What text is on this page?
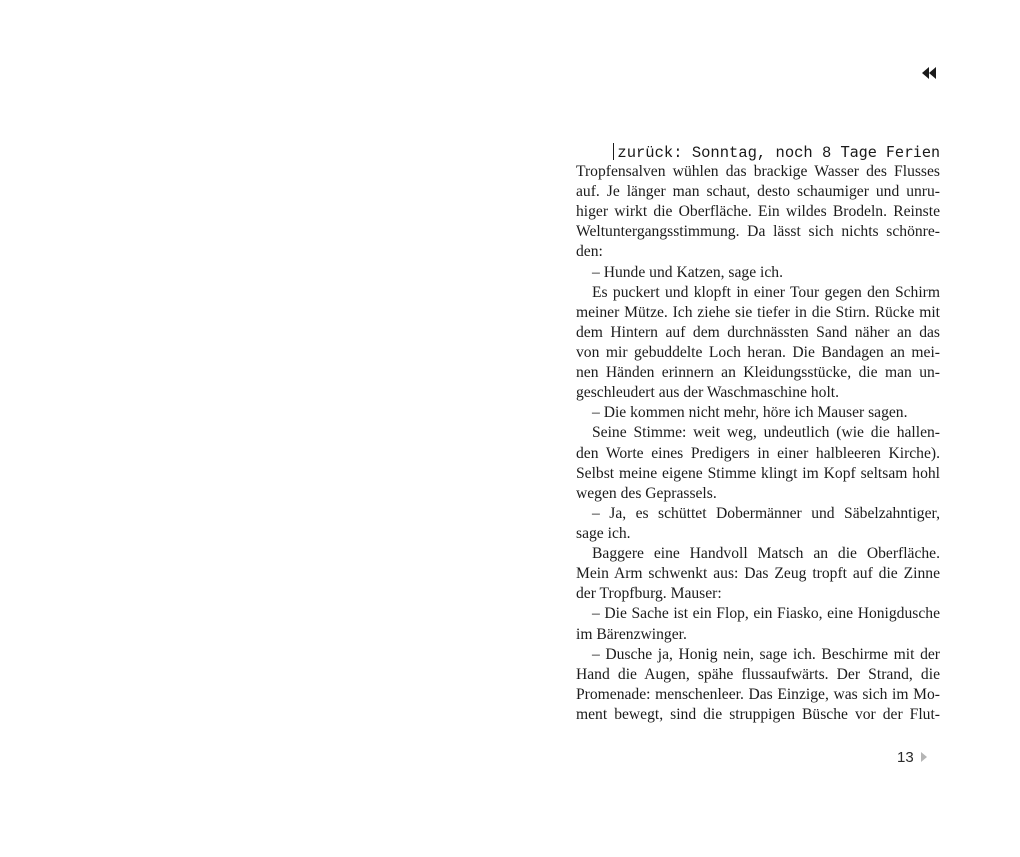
zurück: Sonntag, noch 8 Tage Ferien
Tropfensalven wühlen das brackige Wasser des Flusses
auf. Je länger man schaut, desto schaumiger und unru-
higer wirkt die Oberfläche. Ein wildes Brodeln. Reinste
Weltuntergangsstimmung. Da lässt sich nichts schönre-
den:
– Hunde und Katzen, sage ich.
Es puckert und klopft in einer Tour gegen den Schirm
meiner Mütze. Ich ziehe sie tiefer in die Stirn. Rücke mit
dem Hintern auf dem durchnässten Sand näher an das
von mir gebuddelte Loch heran. Die Bandagen an mei-
nen Händen erinnern an Kleidungsstücke, die man un-
geschleudert aus der Waschmaschine holt.
– Die kommen nicht mehr, höre ich Mauser sagen.
Seine Stimme: weit weg, undeutlich (wie die hallen-
den Worte eines Predigers in einer halbleeren Kirche).
Selbst meine eigene Stimme klingt im Kopf seltsam hohl
wegen des Geprassels.
– Ja, es schüttet Dobermänner und Säbelzahntiger,
sage ich.
Baggere eine Handvoll Matsch an die Oberfläche.
Mein Arm schwenkt aus: Das Zeug tropft auf die Zinne
der Tropfburg. Mauser:
– Die Sache ist ein Flop, ein Fiasko, eine Honigdusche
im Bärenzwinger.
– Dusche ja, Honig nein, sage ich. Beschirme mit der
Hand die Augen, spähe flussaufwärts. Der Strand, die
Promenade: menschenleer. Das Einzige, was sich im Mo-
ment bewegt, sind die struppigen Büsche vor der Flut-
13
